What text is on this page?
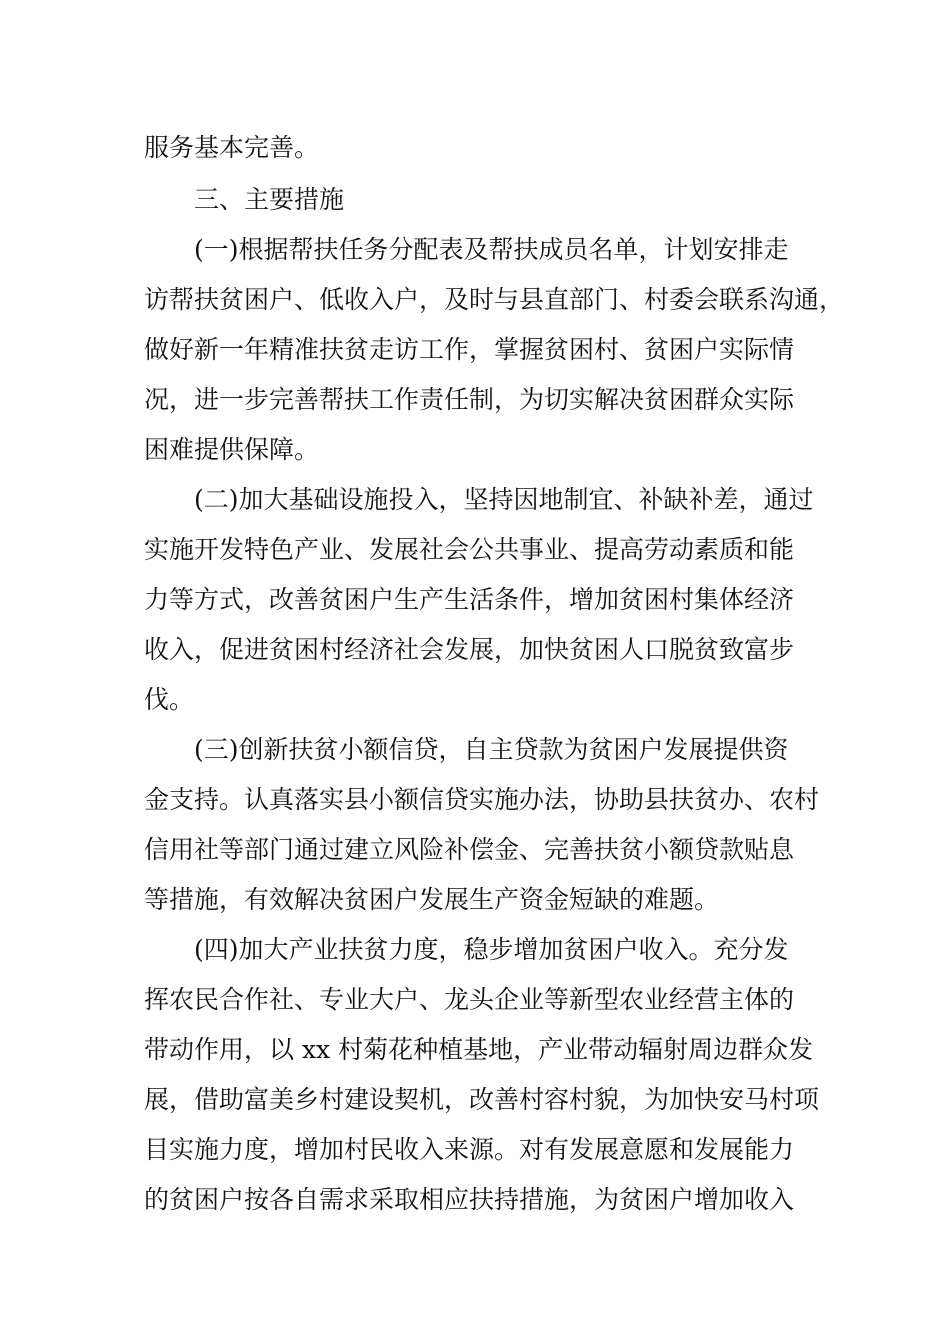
服务基本完善。

三、主要措施

(一)根据帮扶任务分配表及帮扶成员名单，计划安排走

访帮扶贫困户、低收入户，及时与县直部门、村委会联系沟通，

做好新一年精准扶贫走访工作，掌握贫困村、贫困户实际情

况，进一步完善帮扶工作责任制，为切实解决贫困群众实际

困难提供保障。

(二)加大基础设施投入，坚持因地制宜、补缺补差，通过

实施开发特色产业、发展社会公共事业、提高劳动素质和能

力等方式，改善贫困户生产生活条件，增加贫困村集体经济

收入，促进贫困村经济社会发展，加快贫困人口脱贫致富步

伐。

(三)创新扶贫小额信贷，自主贷款为贫困户发展提供资

金支持。认真落实县小额信贷实施办法，协助县扶贫办、农村

信用社等部门通过建立风险补偿金、完善扶贫小额贷款贴息

等措施，有效解决贫困户发展生产资金短缺的难题。

(四)加大产业扶贫力度，稳步增加贫困户收入。充分发

挥农民合作社、专业大户、龙头企业等新型农业经营主体的

带动作用，以 xx 村菊花种植基地，产业带动辐射周边群众发

展，借助富美乡村建设契机，改善村容村貌，为加快安马村项

目实施力度，增加村民收入来源。对有发展意愿和发展能力

的贫困户按各自需求采取相应扶持措施，为贫困户增加收入
